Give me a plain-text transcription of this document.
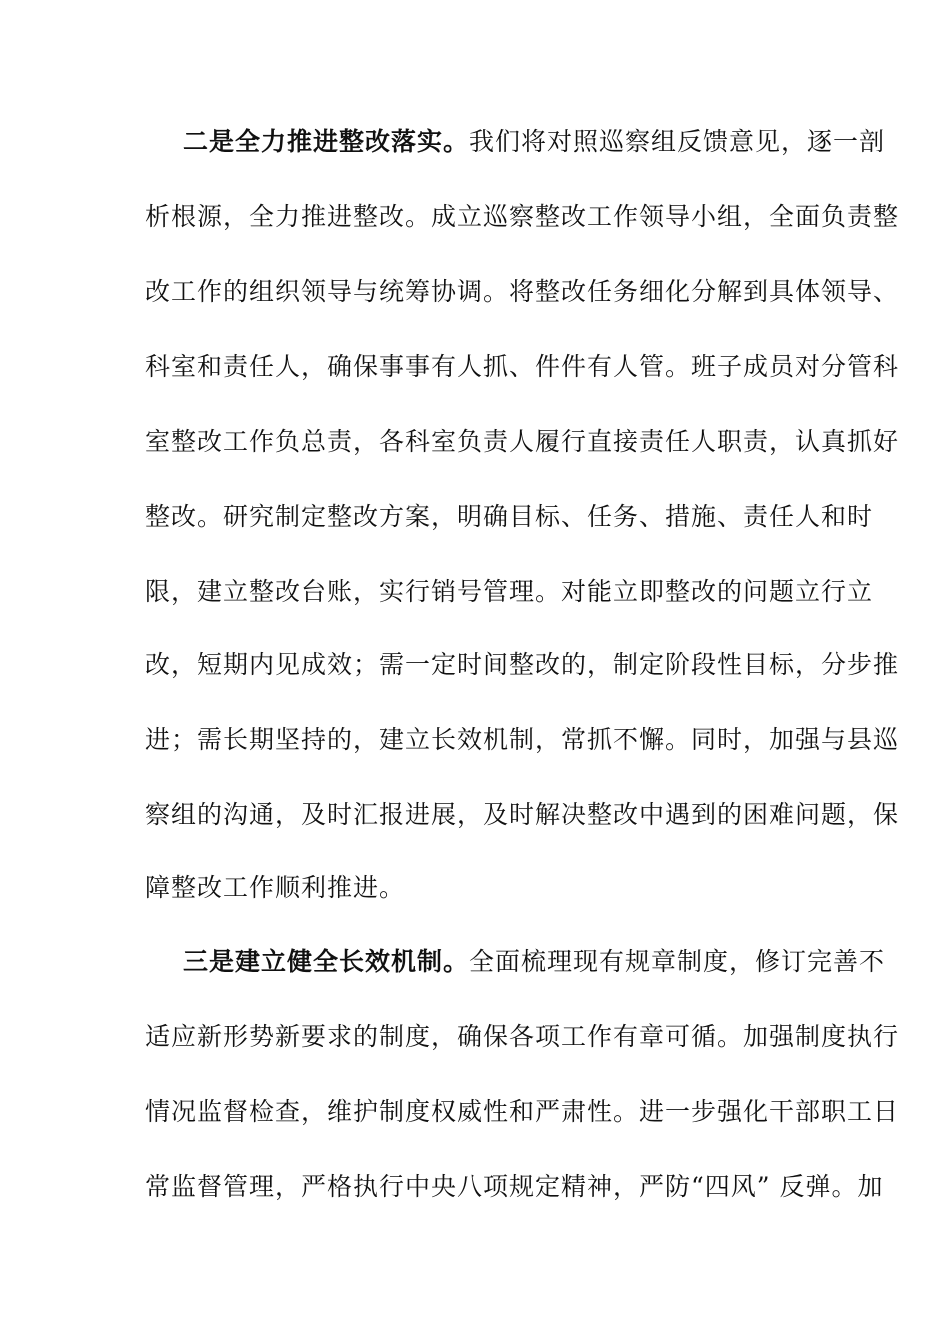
二是全力推进整改落实。我们将对照巡察组反馈意见，逐一剖
析根源，全力推进整改。成立巡察整改工作领导小组，全面负责整
改工作的组织领导与统筹协调。将整改任务细化分解到具体领导、
科室和责任人，确保事事有人抓、件件有人管。班子成员对分管科
室整改工作负总责，各科室负责人履行直接责任人职责，认真抓好
整改。研究制定整改方案，明确目标、任务、措施、责任人和时
限，建立整改台账，实行销号管理。对能立即整改的问题立行立
改，短期内见成效；需一定时间整改的，制定阶段性目标，分步推
进；需长期坚持的，建立长效机制，常抓不懈。同时，加强与县巡
察组的沟通，及时汇报进展，及时解决整改中遇到的困难问题，保
障整改工作顺利推进。
三是建立健全长效机制。全面梳理现有规章制度，修订完善不
适应新形势新要求的制度，确保各项工作有章可循。加强制度执行
情况监督检查，维护制度权威性和严肃性。进一步强化干部职工日
常监督管理，严格执行中央八项规定精神，严防“四风” 反弹。加
